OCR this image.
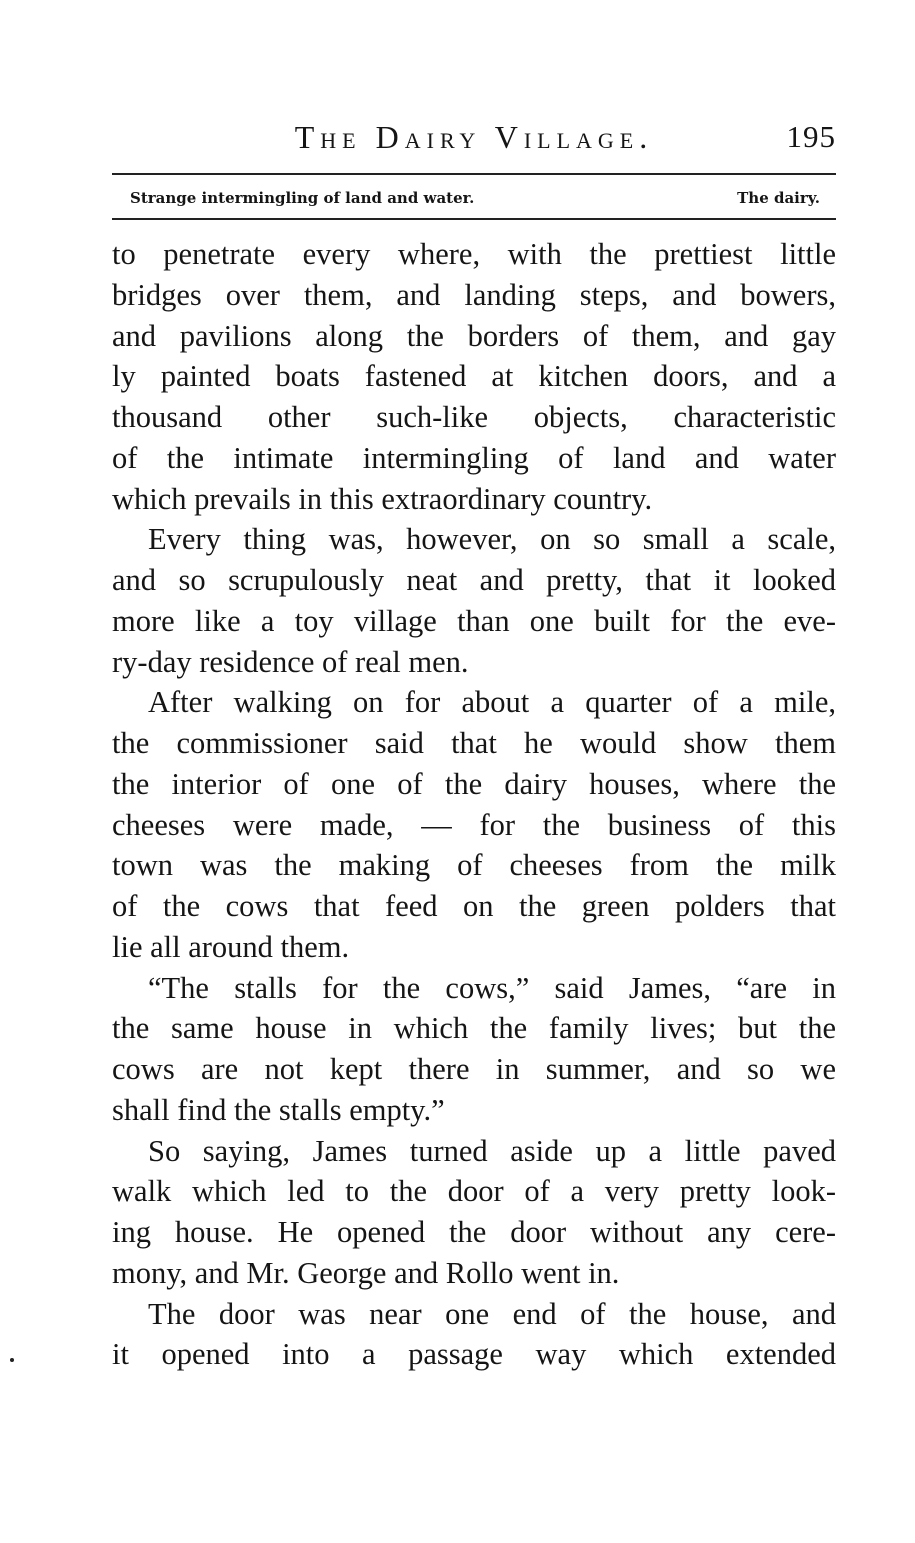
The Dairy Village.	195
Strange intermingling of land and water.	The dairy.
to penetrate every where, with the prettiest little
bridges over them, and landing steps, and bowers,
and pavilions along the borders of them, and gay
ly painted boats fastened at kitchen doors, and a
thousand other such-like objects, characteristic
of the intimate intermingling of land and water
which prevails in this extraordinary country.
Every thing was, however, on so small a scale,
and so scrupulously neat and pretty, that it looked
more like a toy village than one built for the eve-
ry-day residence of real men.
After walking on for about a quarter of a mile,
the commissioner said that he would show them
the interior of one of the dairy houses, where the
cheeses were made, — for the business of this
town was the making of cheeses from the milk
of the cows that feed on the green polders that
lie all around them.
“The stalls for the cows,” said James, “are in
the same house in which the family lives; but the
cows are not kept there in summer, and so we
shall find the stalls empty.”
So saying, James turned aside up a little paved
walk which led to the door of a very pretty look-
ing house. He opened the door without any cere-
mony, and Mr. George and Rollo went in.
The door was near one end of the house, and
it opened into a passage way which extended
